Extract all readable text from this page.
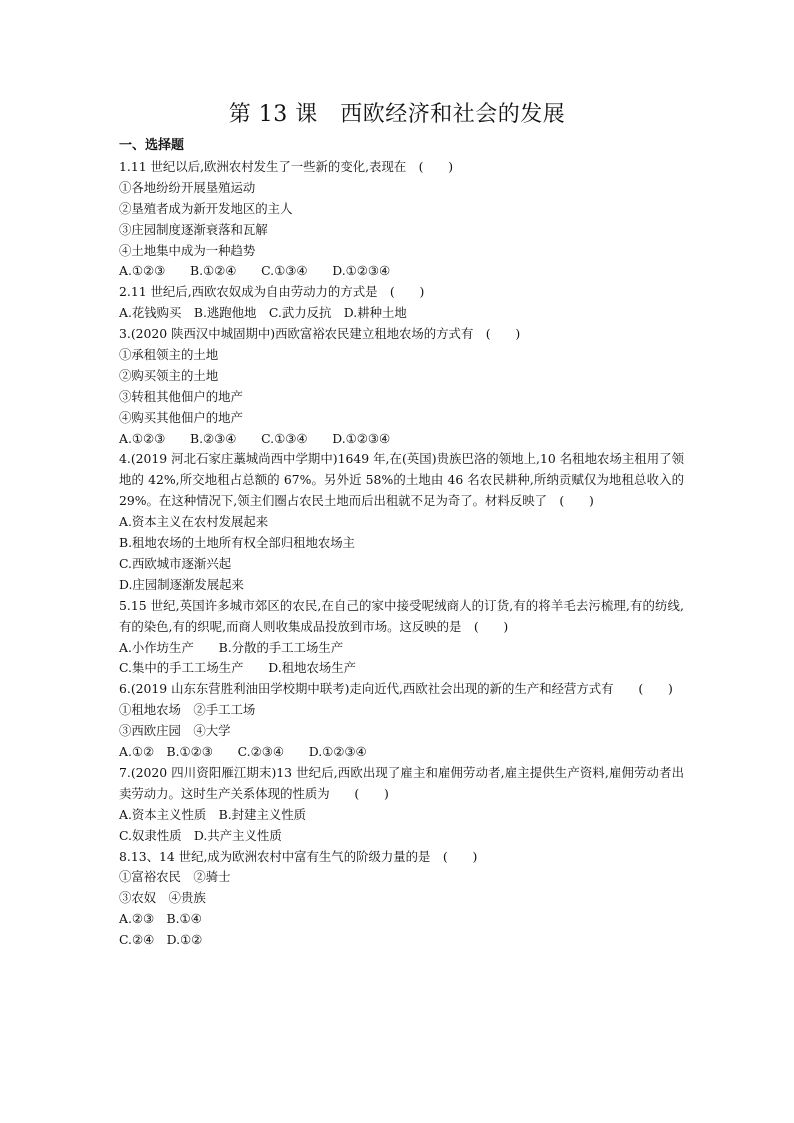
第 13 课　西欧经济和社会的发展
一、选择题
1.11 世纪以后,欧洲农村发生了一些新的变化,表现在　(　　)
①各地纷纷开展垦殖运动
②垦殖者成为新开发地区的主人
③庄园制度逐渐衰落和瓦解
④土地集中成为一种趋势
A.①②③　　B.①②④　　C.①③④　　D.①②③④
2.11 世纪后,西欧农奴成为自由劳动力的方式是　(　　)
A.花钱购买　B.逃跑他地　C.武力反抗　D.耕种土地
3.(2020 陕西汉中城固期中)西欧富裕农民建立租地农场的方式有　(　　)
①承租领主的土地
②购买领主的土地
③转租其他佃户的地产
④购买其他佃户的地产
A.①②③　　B.②③④　　C.①③④　　D.①②③④
4.(2019 河北石家庄藁城尚西中学期中)1649 年,在(英国)贵族巴洛的领地上,10 名租地农场主租用了领地的 42%,所交地租占总额的 67%。另外近 58%的土地由 46 名农民耕种,所纳贡赋仅为地租总收入的 29%。在这种情况下,领主们圈占农民土地而后出租就不足为奇了。材料反映了　(　　)
A.资本主义在农村发展起来
B.租地农场的土地所有权全部归租地农场主
C.西欧城市逐渐兴起
D.庄园制逐渐发展起来
5.15 世纪,英国许多城市郊区的农民,在自己的家中接受呢绒商人的订货,有的将羊毛去污梳理,有的纺线,有的染色,有的织呢,而商人则收集成品投放到市场。这反映的是　(　　)
A.小作坊生产　　B.分散的手工工场生产
C.集中的手工工场生产　　D.租地农场生产
6.(2019 山东东营胜利油田学校期中联考)走向近代,西欧社会出现的新的生产和经营方式有　　(　　)
①租地农场　②手工工场
③西欧庄园　④大学
A.①②　B.①②③　　C.②③④　　D.①②③④
7.(2020 四川资阳雁江期末)13 世纪后,西欧出现了雇主和雇佣劳动者,雇主提供生产资料,雇佣劳动者出卖劳动力。这时生产关系体现的性质为　　(　　)
A.资本主义性质　B.封建主义性质
C.奴隶性质　D.共产主义性质
8.13、14 世纪,成为欧洲农村中富有生气的阶级力量的是　(　　)
①富裕农民　②骑士
③农奴　④贵族
A.②③　B.①④
C.②④　D.①②
